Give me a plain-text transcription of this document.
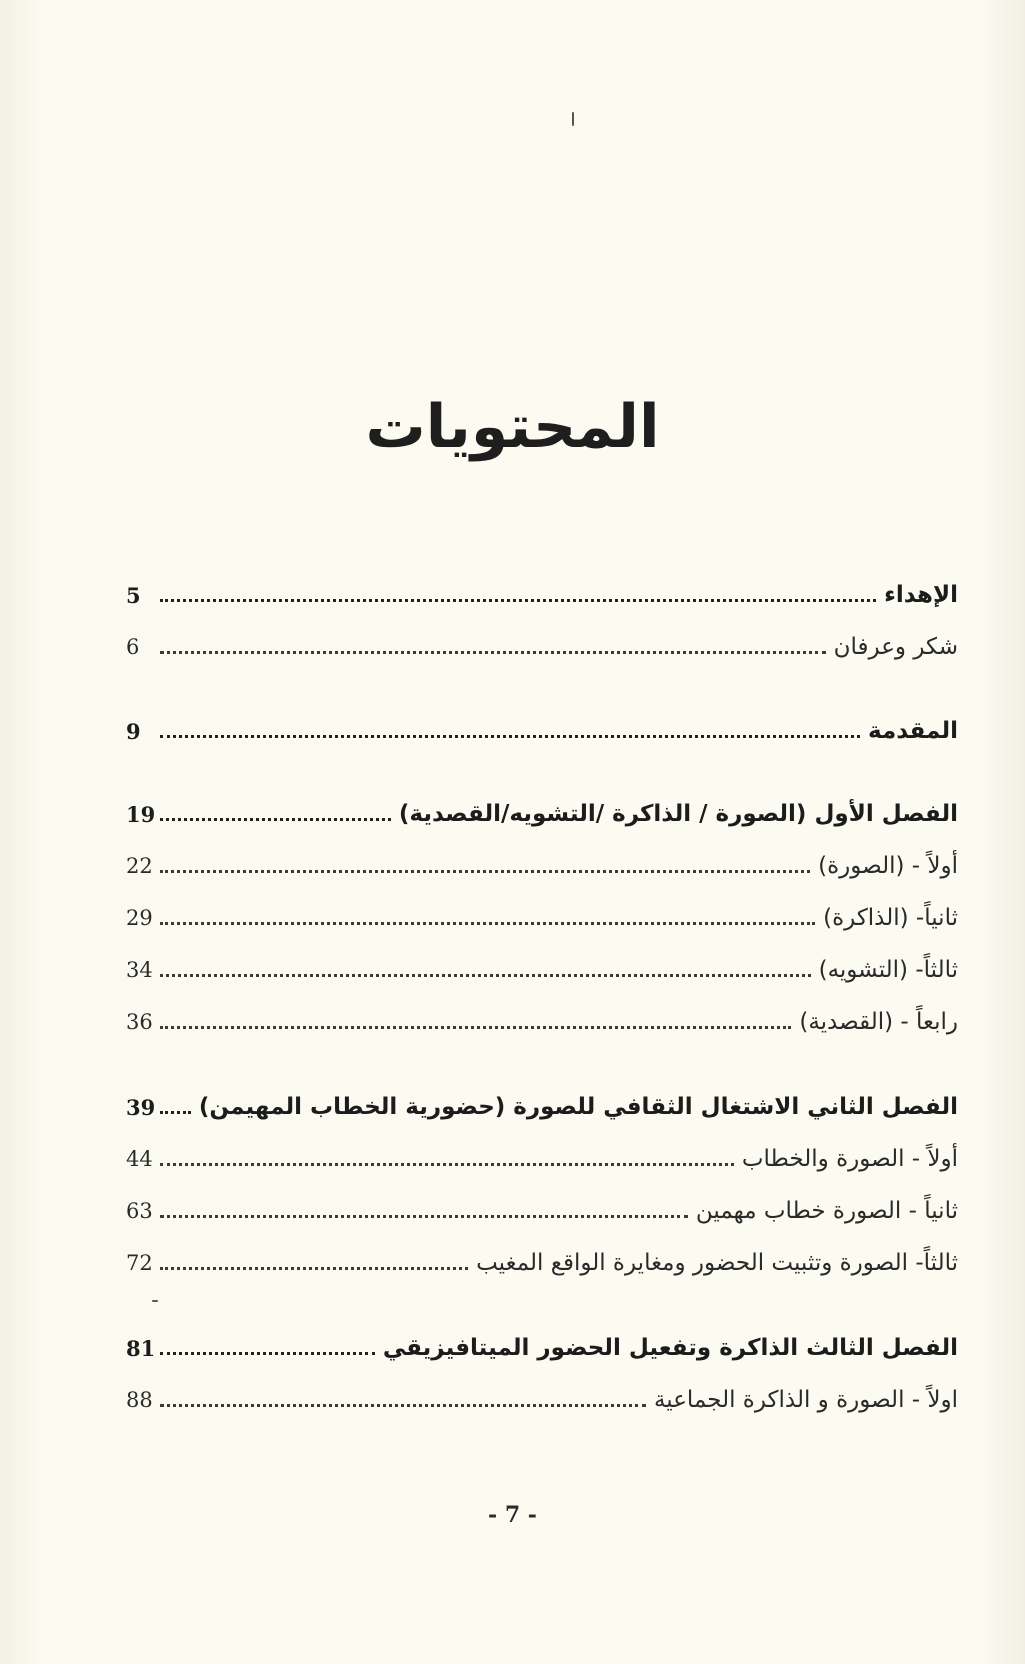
المحتويات
الإهداء
5
شكر وعرفان
6
المقدمة
9
الفصل الأول (الصورة / الذاكرة /التشويه/القصدية)
19
أولاً - (الصورة)
22
ثانياً- (الذاكرة)
29
ثالثاً- (التشويه)
34
رابعاً - (القصدية)
36
الفصل الثاني الاشتغال الثقافي للصورة (حضورية الخطاب المهيمن)
39
أولاً - الصورة والخطاب
44
ثانياً - الصورة خطاب مهمين
63
ثالثاً- الصورة وتثبيت الحضور ومغايرة الواقع المغيب
72
الفصل الثالث الذاكرة وتفعيل الحضور الميتافيزيقي
81
اولاً - الصورة و الذاكرة الجماعية
88
- 7 -
